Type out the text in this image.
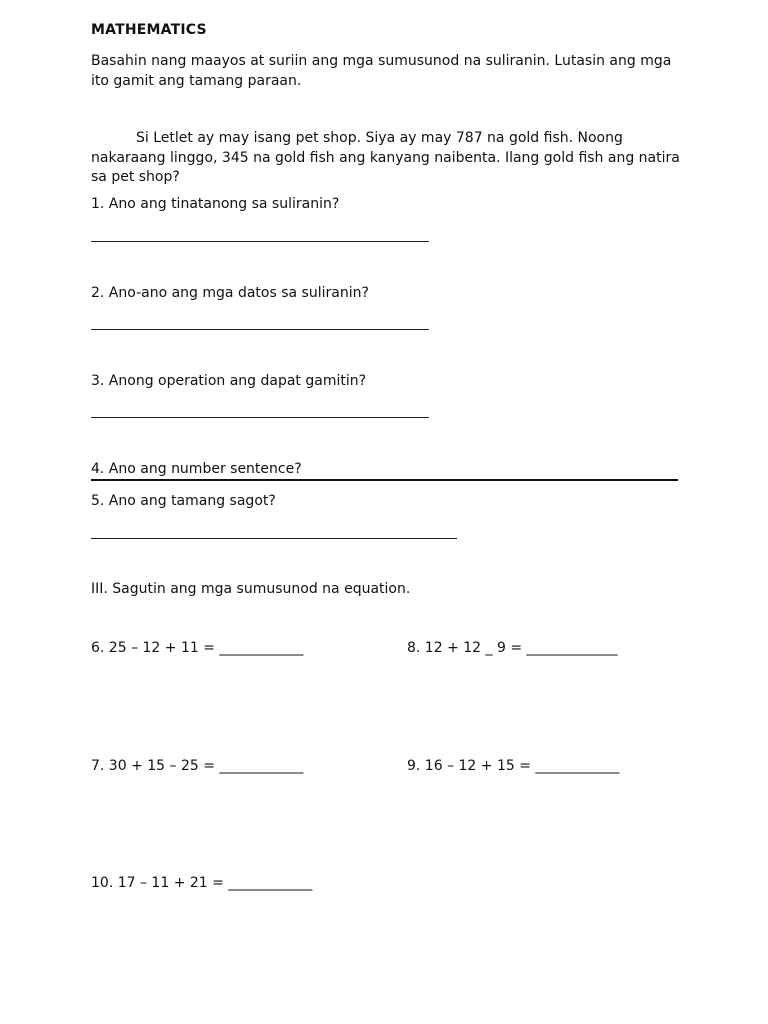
MATHEMATICS

Basahin nang maayos at suriin ang mga sumusunod na suliranin. Lutasin ang mga ito gamit ang tamang paraan.

Si Letlet ay may isang pet shop. Siya ay may 787 na gold fish. Noong nakaraang linggo, 345 na gold fish ang kanyang naibenta. Ilang gold fish ang natira sa pet shop?

1. Ano ang tinatanong sa suliranin?

2. Ano-ano ang mga datos sa suliranin?

3. Anong operation ang dapat gamitin?

4. Ano ang number sentence?

5. Ano ang tamang sagot?

III. Sagutin ang mga sumusunod na equation.

6. 25 – 12 + 11 = ____________	8. 12 + 12 _ 9 = _____________

7. 30 + 15 – 25 = ____________	9. 16 – 12 + 15 = ____________

10. 17 – 11 + 21 = ____________
